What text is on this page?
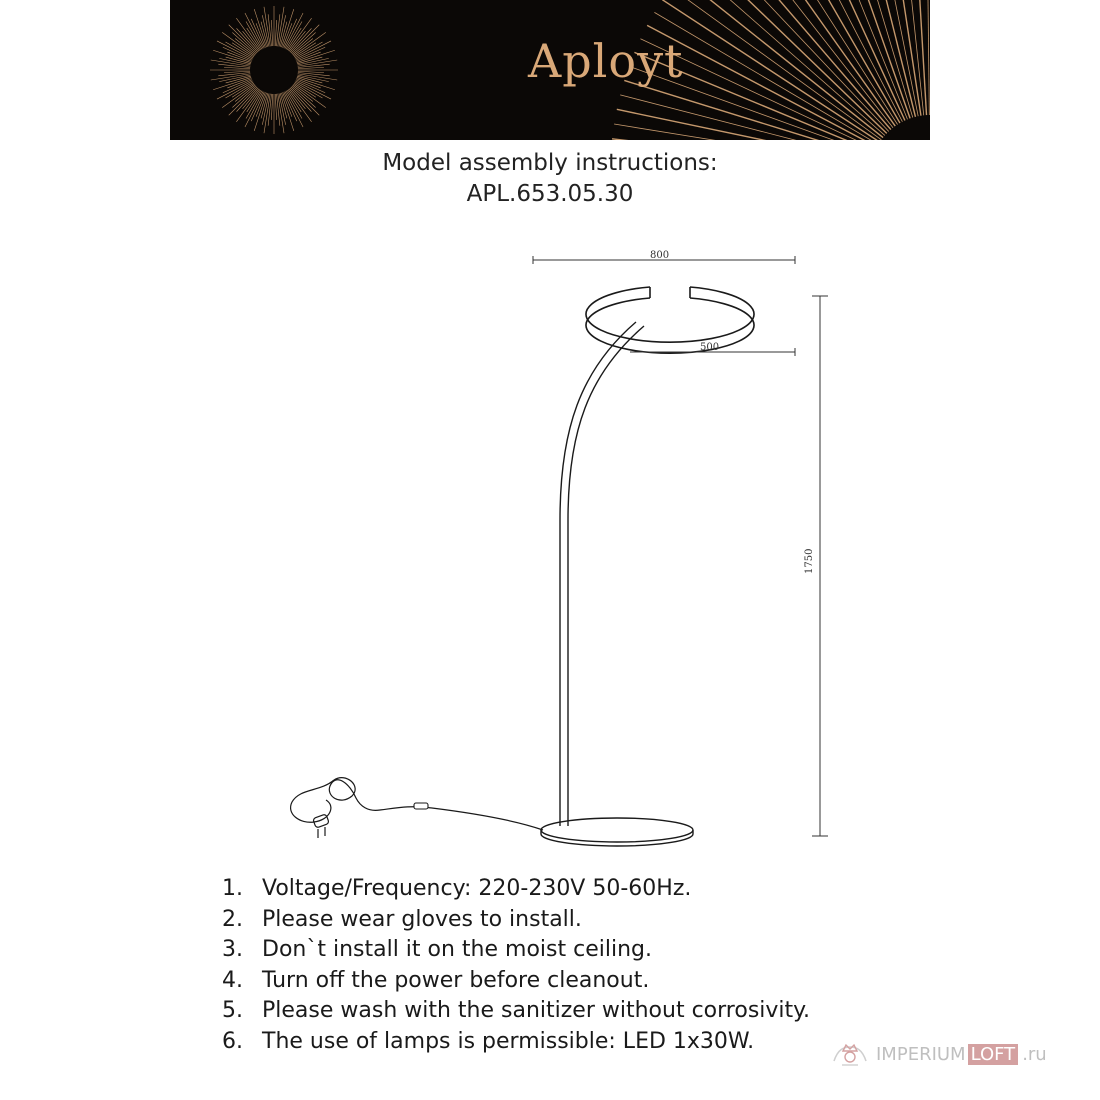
Aployt
Model assembly instructions:
APL.653.05.30
800
500
1750
1. Voltage/Frequency: 220-230V 50-60Hz.
2. Please wear gloves to install.
3. Don`t install it on the moist ceiling.
4. Turn off the power before cleanout.
5. Please wash with the sanitizer without corrosivity.
6. The use of lamps is permissible: LED 1x30W.
IMPERIUM LOFT .ru
